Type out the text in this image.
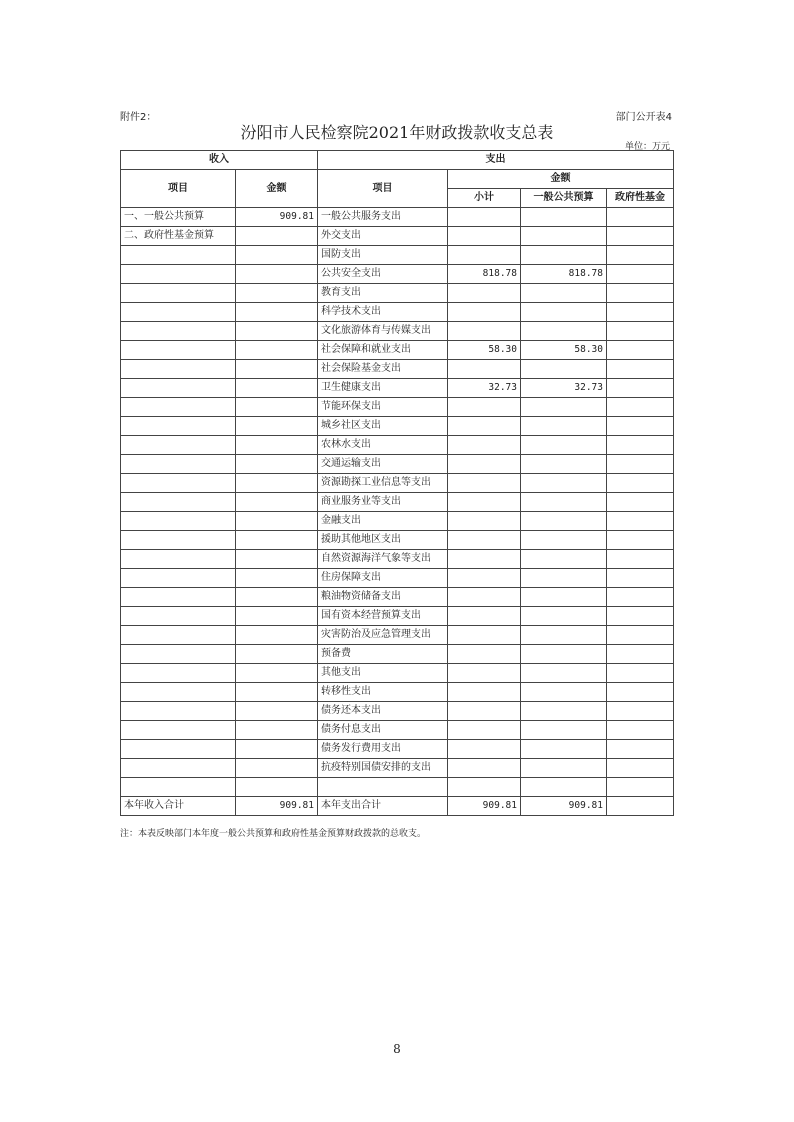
附件2：	部门公开表4
汾阳市人民检察院2021年财政拨款收支总表
单位：万元
收入		支出			
项目	金额	项目	金额		
			小计	一般公共预算	政府性基金
一、一般公共预算	909.81	一般公共服务支出			
二、政府性基金预算		外交支出			
		国防支出			
		公共安全支出	818.78	818.78	
		教育支出			
		科学技术支出			
		文化旅游体育与传媒支出			
		社会保障和就业支出	58.30	58.30	
		社会保险基金支出			
		卫生健康支出	32.73	32.73	
		节能环保支出			
		城乡社区支出			
		农林水支出			
		交通运输支出			
		资源勘探工业信息等支出			
		商业服务业等支出			
		金融支出			
		援助其他地区支出			
		自然资源海洋气象等支出			
		住房保障支出			
		粮油物资储备支出			
		国有资本经营预算支出			
		灾害防治及应急管理支出			
		预备费			
		其他支出			
		转移性支出			
		债务还本支出			
		债务付息支出			
		债务发行费用支出			
		抗疫特别国债安排的支出			

本年收入合计	909.81	本年支出合计	909.81	909.81	
注：本表反映部门本年度一般公共预算和政府性基金预算财政拨款的总收支。
8
